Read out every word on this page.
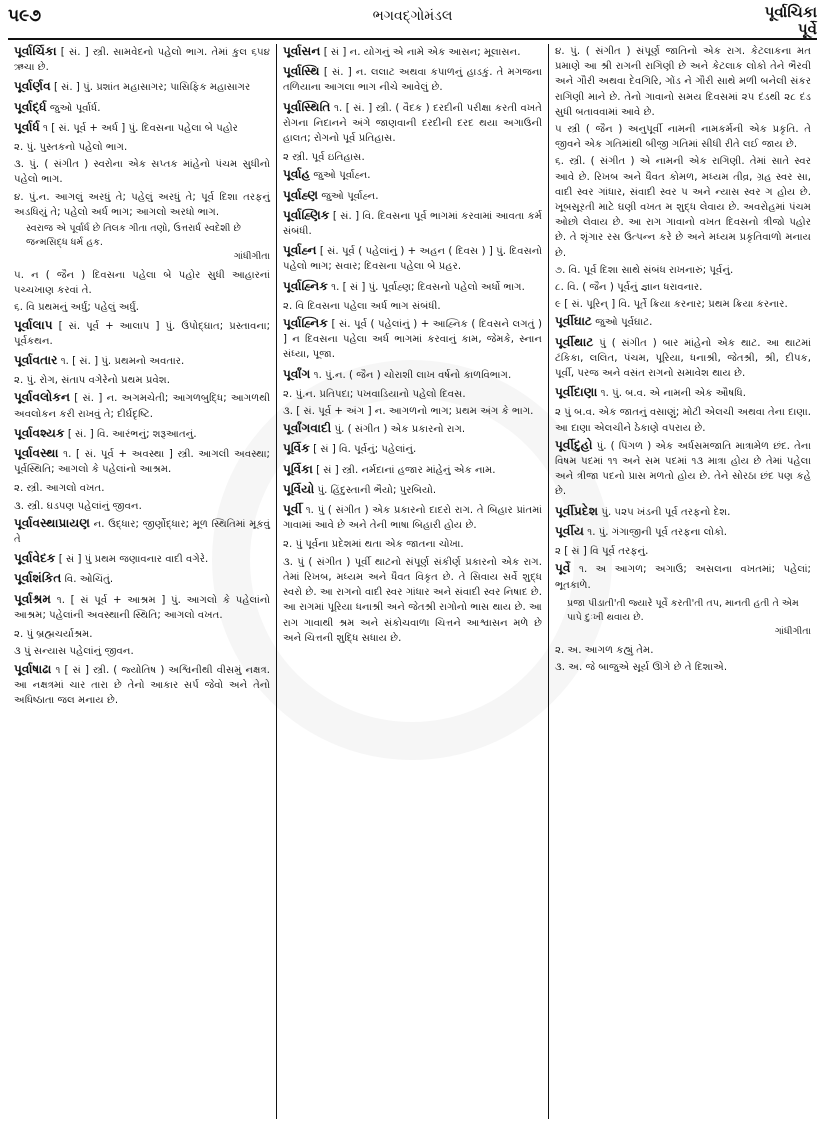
૫૯૭	ભગવદ્ગોમંડલ	પૂર્વાચિકા
પૂર્વે

પૂર્વાર્ચિકા [ સં. ] સ્ત્રી. સામવેદનો પહેલો ભાગ. તેમાં કુલ ૬૫૪ ઋચા છે.

પૂર્વાર્ણવ [ સં. ] પું. પ્રશાંત મહાસાગર; પાસિફિક મહાસાગર

પૂર્વાર્દ્ધ જુઓ પૂર્વાર્ધ.

પૂર્વાર્ધ ૧ [ સં. પૂર્વ + અર્ધ ] પું. દિવસના પહેલા બે પહોર

૨. પું. પુસ્તકનો પહેલો ભાગ.

૩. પું. ( સંગીત ) સ્વરોના એક સપ્તક માંહેનો પંચમ સુધીનો પહેલો ભાગ.

૪. પું.ન. આગલું અરધું તે; પહેલું અરધું તે; પૂર્વ દિશા તરફનું અડધિયું તે; પહેલો અર્ધ ભાગ; આગલો અરધો ભાગ.

સ્વરાજ એ પૂર્વાર્ધ છે તિલક ગીતા તણો, ઉત્તરાર્ધ સ્વદેશી છે જન્મસિદ્ધ ધર્મ હક.

ગાંધીગીતા

૫. ન ( જૈન ) દિવસના પહેલા બે પહોર સુધી આહારનાં પચ્ચખાણ કરવાં તે.

૬. વિ પ્રથમનું અર્ધું; પહેલું અર્ધું.

પૂર્વાલાપ [ સં. પૂર્વ + આલાપ ] પું. ઉપોદ્ઘાત; પ્રસ્તાવના; પૂર્વકથન.

પૂર્વાવતાર ૧. [ સં. ] પું. પ્રથમનો અવતાર.

૨. પું. રોગ, સંતાપ વગેરેનો પ્રથમ પ્રવેશ.

પૂર્વાવલોકન [ સં. ] ન. અગમચેતી; આગળબુદ્ધિ; આગળથી અવલોકન કરી રાખવું તે; દીર્ઘદૃષ્ટિ.

પૂર્વાવશ્યક [ સં. ] વિ. આરંભનું; શરૂઆતનું.

પૂર્વાવસ્થા ૧. [ સં. પૂર્વ + અવસ્થા ] સ્ત્રી. આગલી અવસ્થા; પૂર્વસ્થિતિ; આગલો કે પહેલાંનો આશ્રમ.

૨. સ્ત્રી. આગલો વખત.

૩. સ્ત્રી. ઘડપણ પહેલાંનું જીવન.

પૂર્વાવસ્થાપ્રાયણ ન. ઉદ્ધાર; જીર્ણોદ્ધાર; મૂળ સ્થિતિમાં મૂકવું તે

પૂર્વાવેદક [ સં ] પું પ્રથમ જણાવનાર વાદી વગેરે.

પૂર્વાશંકિત વિ. ઓચિંતું.

પૂર્વાશ્રમ ૧. [ સં પૂર્વ + આશ્રમ ] પું. આગલો કે પહેલાંનો આશ્રમ; પહેલાંની અવસ્થાની સ્થિતિ; આગલો વખત.

૨. પું બ્રહ્મચર્યાશ્રમ.

૩ પું સન્યાસ પહેલાંનું જીવન.

પૂર્વાષાઢા ૧ [ સં ] સ્ત્રી. ( જ્યોતિષ ) અશ્વિનીથી વીસમું નક્ષત્ર. આ નક્ષત્રમાં ચાર તારા છે તેનો આકાર સર્પ જેવો અને તેનો અધિષ્ઠાતા જલ મનાય છે.

પૂર્વાસન [ સં ] ન. યોગનું એ નામે એક આસન; મૂલાસન.

પૂર્વાસ્થિ [ સં. ] ન. લલાટ અથવા કપાળનું હાડકું. તે મગજના તળિયાના આગલા ભાગ નીચે આવેલું છે.

પૂર્વાસ્થિતિ ૧. [ સં. ] સ્ત્રી. ( વૈદક ) દરદીની પરીક્ષા કરતી વખતે રોગના નિદાનને અંગે જાણવાની દરદીની દરદ થયા અગાઉની હાલત; રોગનો પૂર્વ પ્રતિહાસ.

૨ સ્ત્રી. પૂર્વ ઇતિહાસ.

પૂર્વાહ જુઓ પૂર્વાહ્ન.

પૂર્વાહ્ણ જુઓ પૂર્વાહ્ન.

પૂર્વાહ્ણિક [ સં. ] વિ. દિવસના પૂર્વ ભાગમાં કરવામાં આવતા કર્મ સંબંધી.

પૂર્વાહ્ન [ સં. પૂર્વ ( પહેલાંનું ) + અહન ( દિવસ ) ] પું. દિવસનો પહેલો ભાગ; સવાર; દિવસના પહેલા બે પ્રહર.

પૂર્વાહ્નિક ૧. [ સં ] પું. પૂર્વાહ્ણ; દિવસનો પહેલો અર્ધો ભાગ.

૨. વિ દિવસના પહેલા અર્ધ ભાગ સંબંધી.

પૂર્વાહ્નિક [ સં. પૂર્વ ( પહેલાંનું ) + આહ્નિક ( દિવસને લગતું ) ] ન દિવસના પહેલા અર્ધ ભાગમાં કરવાનું કામ, જેમકે, સ્નાન સંધ્યા, પૂજા.

પૂર્વાંગ ૧. પું.ન. ( જૈન ) ચોરાશી લાખ વર્ષનો કાળવિભાગ.

૨. પું.ન. પ્રતિપદા; પખવાડિયાનો પહેલો દિવસ.

૩. [ સં. પૂર્વ + અંગ ] ન. આગળનો ભાગ; પ્રથમ અંગ કે ભાગ.

પૂર્વાંગવાદી પું. ( સંગીત ) એક પ્રકારનો રાગ.

પૂર્વિક [ સં ] વિ. પૂર્વનું; પહેલાંનું.

પૂર્વિકા [ સં ] સ્ત્રી. નર્મદાનાં હજાર માંહેનું એક નામ.

પૂર્વિયો પું. હિંદુસ્તાની ભૈયો; પુરબિયો.

પૂર્વી ૧. પું ( સંગીત ) એક પ્રકારનો દાદરો રાગ. તે બિહાર પ્રાંતમાં ગાવામાં આવે છે અને તેની ભાષા બિહારી હોય છે.

૨. પું પૂર્વના પ્રદેશમાં થતા એક જાતના ચોખા.

૩. પું ( સંગીત ) પૂર્વી થાટનો સંપૂર્ણ સંકીર્ણ પ્રકારનો એક રાગ. તેમાં રિખબ, મધ્યમ અને ધૈવત વિકૃત છે. તે સિવાય સર્વે શુદ્ધ સ્વરો છે. આ રાગનો વાદી સ્વર ગાંધાર અને સંવાદી સ્વર નિષાદ છે. આ રાગમાં પૂરિયા ધનાશ્રી અને જેતશ્રી રાગોનો ભાસ થાય છે. આ રાગ ગાવાથી શ્રમ અને સંકોચવાળા ચિત્તને આશ્વાસન મળે છે અને ચિત્તની શુદ્ધિ સધાય છે.

૪. પું. ( સંગીત ) સંપૂર્ણ જાતિનો એક રાગ. કેટલાકના મત પ્રમાણે આ શ્રી રાગની રાગિણી છે અને કેટલાક લોકો તેને ભૈરવી અને ગૌરી અથવા દેવગિરિ, ગોંડ ને ગૌરી સાથે મળી બનેલી સંકર રાગિણી માને છે. તેનો ગાવાનો સમય દિવસમાં ૨૫ દંડથી ૨૮ દંડ સુધી બતાવવામાં આવે છે.

૫ સ્ત્રી ( જૈન ) અનુપૂર્વી નામની નામકર્મની એક પ્રકૃતિ. તે જીવને એક ગતિમાંથી બીજી ગતિમાં સીધી રીતે લઈ જાય છે.

૬. સ્ત્રી. ( સંગીત ) એ નામની એક રાગિણી. તેમાં સાતે સ્વર આવે છે. રિખબ અને ધૈવત કોમળ, મધ્યમ તીવ્ર, ગ્રહ સ્વર સા, વાદી સ્વર ગાંધાર, સંવાદી સ્વર પ અને ન્યાસ સ્વર ગ હોય છે. ખૂબસૂરતી માટે ઘણી વખત મ શુદ્ધ લેવાય છે. અવરોહમાં પંચમ ઓછો લેવાય છે. આ રાગ ગાવાનો વખત દિવસનો ત્રીજો પહોર છે. તે શૃંગાર રસ ઉત્પન્ન કરે છે અને મધ્યમ પ્રકૃતિવાળો મનાય છે.

૭. વિ. પૂર્વ દિશા સાથે સંબંધ રાખનારું; પૂર્વનું.

૮. વિ. ( જૈન ) પૂર્વનું જ્ઞાન ધરાવનાર.

૯ [ સં. પૂરિન્ ] વિ. પૂર્તે ક્રિયા કરનાર; પ્રથમ ક્રિયા કરનાર.

પૂર્વીઘાટ જુઓ પૂર્વઘાટ.

પૂર્વીથાટ પું ( સંગીત ) બાર માંહેનો એક થાટ. આ થાટમાં ટંકિકા, લલિત, પંચમ, પૂરિયા, ધનાશ્રી, જેતશ્રી, શ્રી, દીપક, પૂર્વી, પરજ અને વસંત રાગનો સમાવેશ થાય છે.

પૂર્વીદાણા ૧. પું. બ.વ. એ નામની એક ઔષધિ.

૨ પું બ.વ. એક જાતનું વસાણું; મોટી એલચી અથવા તેના દાણા. આ દાણા એલચીને ઠેકાણે વપરાય છે.

પૂર્વીદુહો પું. ( પિંગળ ) એક અર્ધસમજાતિ માત્રામેળ છંદ. તેના વિષમ પદમાં ૧૧ અને સમ પદમાં ૧૩ માત્રા હોય છે તેમાં પહેલા અને ત્રીજા પદનો પ્રાસ મળતો હોય છે. તેને સોરઠા છંદ પણ કહે છે.

પૂર્વીપ્રદેશ પું. ૫૨૫ ખંડની પૂર્વ તરફનો દેશ.

પૂર્વીય ૧. પું. ગંગાજીની પૂર્વ તરફના લોકો.

૨ [ સં ] વિ પૂર્વ તરફનું.

પૂર્વે ૧. અ આગળ; અગાઉ; અસલના વખતમાં; પહેલાં; ભૂતકાળે.

પ્રજા પીડાતી'તી જ્યારે પૂર્વે કરતી'તી તપ, માનતી હતી તે એમ પાપે દુઃખી થવાય છે.

ગાંધીગીતા

૨. અ. આગળ કહ્યું તેમ.

૩. અ. જે બાજુએ સૂર્ય ઊગે છે તે દિશાએ.
